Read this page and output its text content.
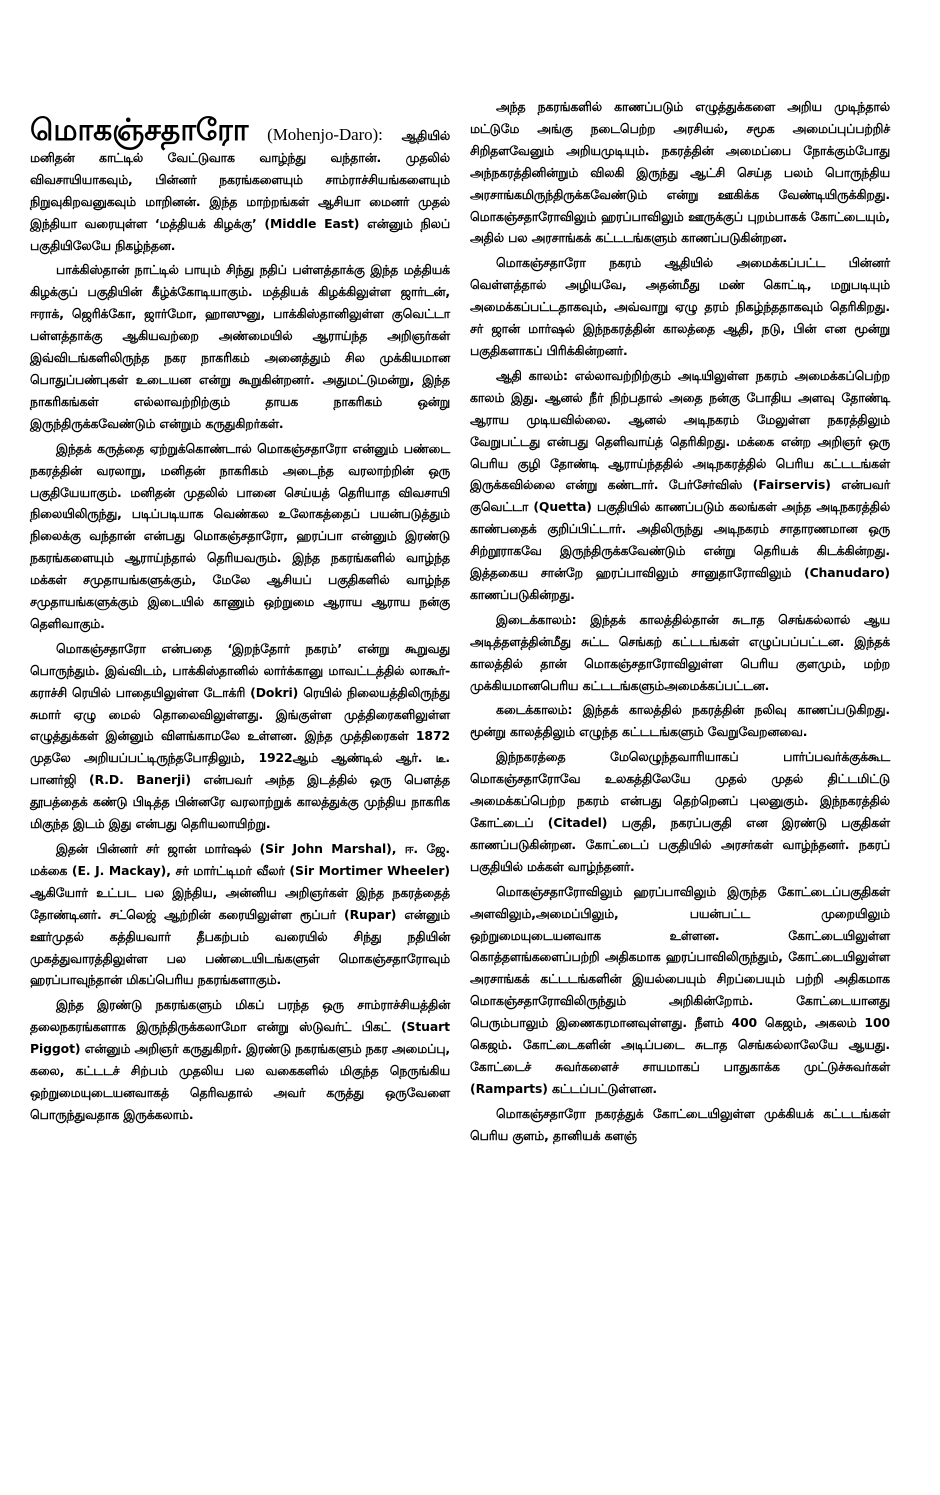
மொகஞ்சதாரோ (Mohenjo-Daro): ஆதியில் மனிதன் காட்டில் வேட்டுவாக வாழ்ந்து வந்தான். முதலில் விவசாயியாகவும், பின்னர் நகரங்களையும் சாம்ராச்சியங்களையும் நிறுவுகிறவனுகவும் மாறினன். இந்த மாற்றங்கள் ஆசியா மைனர் முதல் இந்தியா வரையுள்ள ‘மத்தியக் கிழக்கு’ (Middle East) என்னும் நிலப் பகுதியிலேயே நிகழ்ந்தன.

பாக்கிஸ்தான் நாட்டில் பாயும் சிந்து நதிப் பள்ளத்தாக்கு இந்த மத்தியக் கிழக்குப் பகுதியின் கீழ்க்கோடியாகும். மத்தியக் கிழக்கிலுள்ள ஜார்டன், ஈராக், ஜெரிக்கோ, ஜார்மோ, ஹாஸுனு, பாக்கிஸ்தானிலுள்ள குவெட்டா பள்ளத்தாக்கு ஆகியவற்றை அண்மையில் ஆராய்ந்த அறிஞர்கள் இவ்விடங்களிலிருந்த நகர நாகரிகம் அனைத்தும் சில முக்கியமான பொதுப்பண்புகள் உடையன என்று கூறுகின்றனர். அதுமட்டுமன்று, இந்த நாகரிகங்கள் எல்லாவற்றிற்கும் தாயக நாகரிகம் ஒன்று இருந்திருக்கவேண்டும் என்றும் கருதுகிறர்கள்.

இந்தக் கருத்தை ஏற்றுக்கொண்டால் மொகஞ்சதாரோ என்னும் பண்டை நகரத்தின் வரலாறு, மனிதன் நாகரிகம் அடைந்த வரலாற்றின் ஒரு பகுதியேயாகும். மனிதன் முதலில் பானை செய்யத் தெரியாத விவசாயி நிலையிலிருந்து, படிப்படியாக வெண்கல உலோகத்தைப் பயன்படுத்தும் நிலைக்கு வந்தான் என்பது மொகஞ்சதாரோ, ஹரப்பா என்னும் இரண்டு நகரங்களையும் ஆராய்ந்தால் தெரியவரும். இந்த நகரங்களில் வாழ்ந்த மக்கள் சமுதாயங்களுக்கும், மேலே ஆசியப் பகுதிகளில் வாழ்ந்த சமுதாயங்களுக்கும் இடையில் காணும் ஒற்றுமை ஆராய ஆராய நன்கு தெளிவாகும்.

மொகஞ்சதாரோ என்பதை ‘இறந்தோர் நகரம்’ என்று கூறுவது பொருந்தும். இவ்விடம், பாக்கிஸ்தானில் லார்க்கானு மாவட்டத்தில் லாகூர்-கராச்சி ரெயில் பாதையிலுள்ள டோக்ரி (Dokri) ரெயில் நிலையத்திலிருந்து சுமார் ஏழு மைல் தொலைவிலுள்ளது. இங்குள்ள முத்திரைகளிலுள்ள எழுத்துக்கள் இன்னும் விளங்காமலே உள்ளன. இந்த முத்திரைகள் 1872 முதலே அறியப்பட்டிருந்தபோதிலும், 1922ஆம் ஆண்டில் ஆர். டீ. பானர்ஜி (R.D. Banerji) என்பவர் அந்த இடத்தில் ஒரு பௌத்த தூபத்தைக் கண்டு பிடித்த பின்னரே வரலாற்றுக் காலத்துக்கு முந்திய நாகரிக மிகுந்த இடம் இது என்பது தெரியலாயிற்று.

இதன் பின்னர் சர் ஜான் மார்ஷல் (Sir John Marshal), ஈ. ஜே. மக்கை (E. J. Mackay), சர் மார்ட்டிமர் வீலர் (Sir Mortimer Wheeler) ஆகியோர் உட்பட பல இந்திய, அன்னிய அறிஞர்கள் இந்த நகரத்தைத் தோண்டினர். சட்லெஜ் ஆற்றின் கரையிலுள்ள ரூப்பர் (Rupar) என்னும் ஊர்முதல் கத்தியவார் தீபகற்பம் வரையில் சிந்து நதியின் முகத்துவாரத்திலுள்ள பல பண்டையிடங்களுள் மொகஞ்சதாரோவும் ஹரப்பாவுந்தான் மிகப்பெரிய நகரங்களாகும்.

இந்த இரண்டு நகரங்களும் மிகப் பரந்த ஒரு சாம்ராச்சியத்தின் தலைநகரங்களாக இருந்திருக்கலாமோ என்று ஸ்டுவர்ட் பிகட் (Stuart Piggot) என்னும் அறிஞர் கருதுகிறர். இரண்டு நகரங்களும் நகர அமைப்பு, கலை, கட்டடச் சிற்பம் முதலிய பல வகைகளில் மிகுந்த நெருங்கிய ஒற்றுமையுடையனவாகத் தெரிவதால் அவர் கருத்து ஒருவேளை பொருந்துவதாக இருக்கலாம்.

அந்த நகரங்களில் காணப்படும் எழுத்துக்களை அறிய முடிந்தால் மட்டுமே அங்கு நடைபெற்ற அரசியல், சமூக அமைப்புப்பற்றிச் சிறிதளவேனும் அறியமுடியும். நகரத்தின் அமைப்பை நோக்கும்போது அந்நகரத்தினின்றும் விலகி இருந்து ஆட்சி செய்த பலம் பொருந்திய அரசாங்கமிருந்திருக்கவேண்டும் என்று ஊகிக்க வேண்டியிருக்கிறது. மொகஞ்சதாரோவிலும் ஹரப்பாவிலும் ஊருக்குப் புறம்பாகக் கோட்டையும், அதில் பல அரசாங்கக் கட்டடங்களும் காணப்படுகின்றன.

மொகஞ்சதாரோ நகரம் ஆதியில் அமைக்கப்பட்ட பின்னர் வெள்ளத்தால் அழியவே, அதன்மீது மண் கொட்டி, மறுபடியும் அமைக்கப்பட்டதாகவும், அவ்வாறு ஏழு தரம் நிகழ்ந்ததாகவும் தெரிகிறது. சர் ஜான் மார்ஷல் இந்நகரத்தின் காலத்தை ஆதி, நடு, பின் என மூன்று பகுதிகளாகப் பிரிக்கின்றனர்.

ஆதி காலம்: எல்லாவற்றிற்கும் அடியிலுள்ள நகரம் அமைக்கப்பெற்ற காலம் இது. ஆனல் நீர் நிற்பதால் அதை நன்கு போதிய அளவு தோண்டி ஆராய முடியவில்லை. ஆனல் அடிநகரம் மேலுள்ள நகரத்திலும் வேறுபட்டது என்பது தெளிவாய்த் தெரிகிறது. மக்கை என்ற அறிஞர் ஒரு பெரிய குழி தோண்டி ஆராய்ந்ததில் அடிநகரத்தில் பெரிய கட்டடங்கள் இருக்கவில்லை என்று கண்டார். பேர்சேர்விஸ் (Fairservis) என்பவர் குவெட்டா (Quetta) பகுதியில் காணப்படும் கலங்கள் அந்த அடிநகரத்தில் காண்பதைக் குறிப்பிட்டார். அதிலிருந்து அடிநகரம் சாதாரணமான ஒரு சிற்றூராகவே இருந்திருக்கவேண்டும் என்று தெரியக் கிடக்கின்றது. இத்தகைய சான்றே ஹரப்பாவிலும் சானுதாரோவிலும் (Chanudaro) காணப்படுகின்றது.

இடைக்காலம்: இந்தக் காலத்தில்தான் சுடாத செங்கல்லால் ஆய அடித்தளத்தின்மீது சுட்ட செங்கற் கட்டடங்கள் எழுப்பப்பட்டன. இந்தக் காலத்தில் தான் மொகஞ்சதாரோவிலுள்ள பெரிய குளமும், மற்ற முக்கியமானபெரிய கட்டடங்களும்அமைக்கப்பட்டன.

கடைக்காலம்: இந்தக் காலத்தில் நகரத்தின் நலிவு காணப்படுகிறது. மூன்று காலத்திலும் எழுந்த கட்டடங்களும் வேறுவேறனவை.

இந்நகரத்தை மேலெழுந்தவாரியாகப் பார்ப்பவர்க்குக்கூட மொகஞ்சதாரோவே உலகத்திலேயே முதல் முதல் திட்டமிட்டு அமைக்கப்பெற்ற நகரம் என்பது தெற்றெனப் புலனுகும். இந்நகரத்தில் கோட்டைப் (Citadel) பகுதி, நகரப்பகுதி என இரண்டு பகுதிகள் காணப்படுகின்றன. கோட்டைப் பகுதியில் அரசர்கள் வாழ்ந்தனர். நகரப் பகுதியில் மக்கள் வாழ்ந்தனர்.

மொகஞ்சதாரோவிலும் ஹரப்பாவிலும் இருந்த கோட்டைப்பகுதிகள் அளவிலும்,அமைப்பிலும், பயன்பட்ட முறையிலும் ஒற்றுமையுடையனவாக உள்ளன. கோட்டையிலுள்ள கொத்தளங்களைப்பற்றி அதிகமாக ஹரப்பாவிலிருந்தும், கோட்டையிலுள்ள அரசாங்கக் கட்டடங்களின் இயல்பையும் சிறப்பையும் பற்றி அதிகமாக மொகஞ்சதாரோவிலிருந்தும் அறிகின்றோம். கோட்டையானது பெரும்பாலும் இணைகரமானவுள்ளது. நீளம் 400 கெஜம், அகலம் 100 கெஜம். கோட்டைகளின் அடிப்படை சுடாத செங்கல்லாலேயே ஆயது. கோட்டைச் சுவர்களைச் சாயமாகப் பாதுகாக்க முட்டுச்சுவர்கள் (Ramparts) கட்டப்பட்டுள்ளன.

மொகஞ்சதாரோ நகரத்துக் கோட்டையிலுள்ள முக்கியக் கட்டடங்கள் பெரிய குளம், தானியக் களஞ்
